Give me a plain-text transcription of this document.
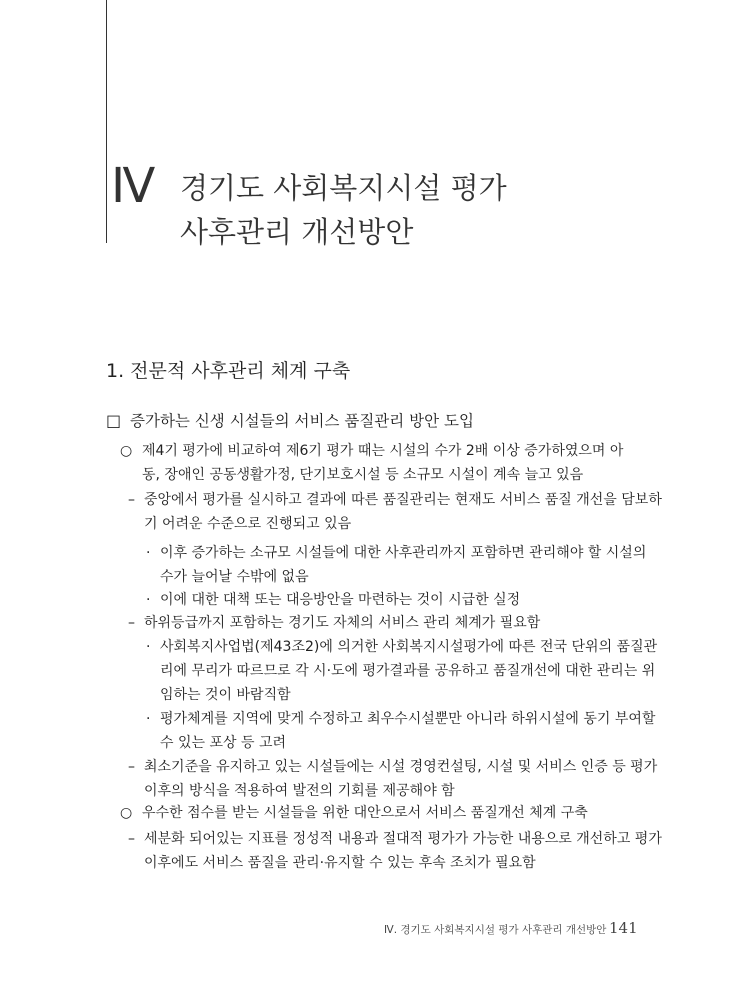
Ⅳ 경기도 사회복지시설 평가
사후관리 개선방안
1. 전문적 사후관리 체계 구축
□ 증가하는 신생 시설들의 서비스 품질관리 방안 도입
○ 제4기 평가에 비교하여 제6기 평가 때는 시설의 수가 2배 이상 증가하였으며 아
동, 장애인 공동생활가정, 단기보호시설 등 소규모 시설이 계속 늘고 있음
– 중앙에서 평가를 실시하고 결과에 따른 품질관리는 현재도 서비스 품질 개선을 담보하
기 어려운 수준으로 진행되고 있음
· 이후 증가하는 소규모 시설들에 대한 사후관리까지 포함하면 관리해야 할 시설의
수가 늘어날 수밖에 없음
· 이에 대한 대책 또는 대응방안을 마련하는 것이 시급한 실정
– 하위등급까지 포함하는 경기도 자체의 서비스 관리 체계가 필요함
· 사회복지사업법(제43조2)에 의거한 사회복지시설평가에 따른 전국 단위의 품질관
리에 무리가 따르므로 각 시·도에 평가결과를 공유하고 품질개선에 대한 관리는 위
임하는 것이 바람직함
· 평가체계를 지역에 맞게 수정하고 최우수시설뿐만 아니라 하위시설에 동기 부여할
수 있는 포상 등 고려
– 최소기준을 유지하고 있는 시설들에는 시설 경영컨설팅, 시설 및 서비스 인증 등 평가
이후의 방식을 적용하여 발전의 기회를 제공해야 함
○ 우수한 점수를 받는 시설들을 위한 대안으로서 서비스 품질개선 체계 구축
– 세분화 되어있는 지표를 정성적 내용과 절대적 평가가 가능한 내용으로 개선하고 평가
이후에도 서비스 품질을 관리·유지할 수 있는 후속 조치가 필요함
Ⅳ. 경기도 사회복지시설 평가 사후관리 개선방안 141
